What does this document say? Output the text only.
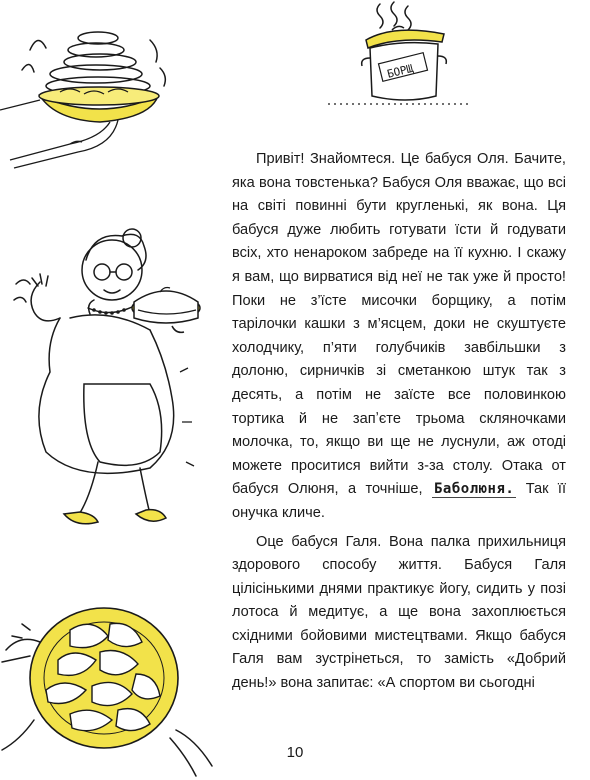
БОРЩ

Привіт! Знайомтеся. Це бабуся Оля. Бачите, яка вона товстенька? Бабуся Оля вважає, що всі на світі повинні бути кругленькі, як вона. Ця бабуся дуже любить готувати їсти й годувати всіх, хто ненароком забреде на її кухню. І скажу я вам, що вирватися від неї не так уже й просто! Поки не з’їсте мисочки борщику, а потім тарілочки кашки з м’ясцем, доки не скуштуєте холодчику, п’яти голубчиків завбільшки з долоню, сирничків зі сметанкою штук так з десять, а потім не заїсте все половинкою тортика й не запʼєте трьома скляночками молочка, то, якщо ви ще не луснули, аж отоді можете проситися вийти з-за столу. Отака от бабуся Олюня, а точніше, Баболюня. Так її онучка кличе.

Оце бабуся Галя. Вона палка прихильниця здорового способу життя. Бабуся Галя цілісінькими днями практикує йогу, сидить у позі лотоса й медитує, а ще вона захоплюється східними бойовими мистецтвами. Якщо бабуся Галя вам зустрінеться, то замість «Добрий день!» вона запитає: «А спортом ви сьогодні

10
